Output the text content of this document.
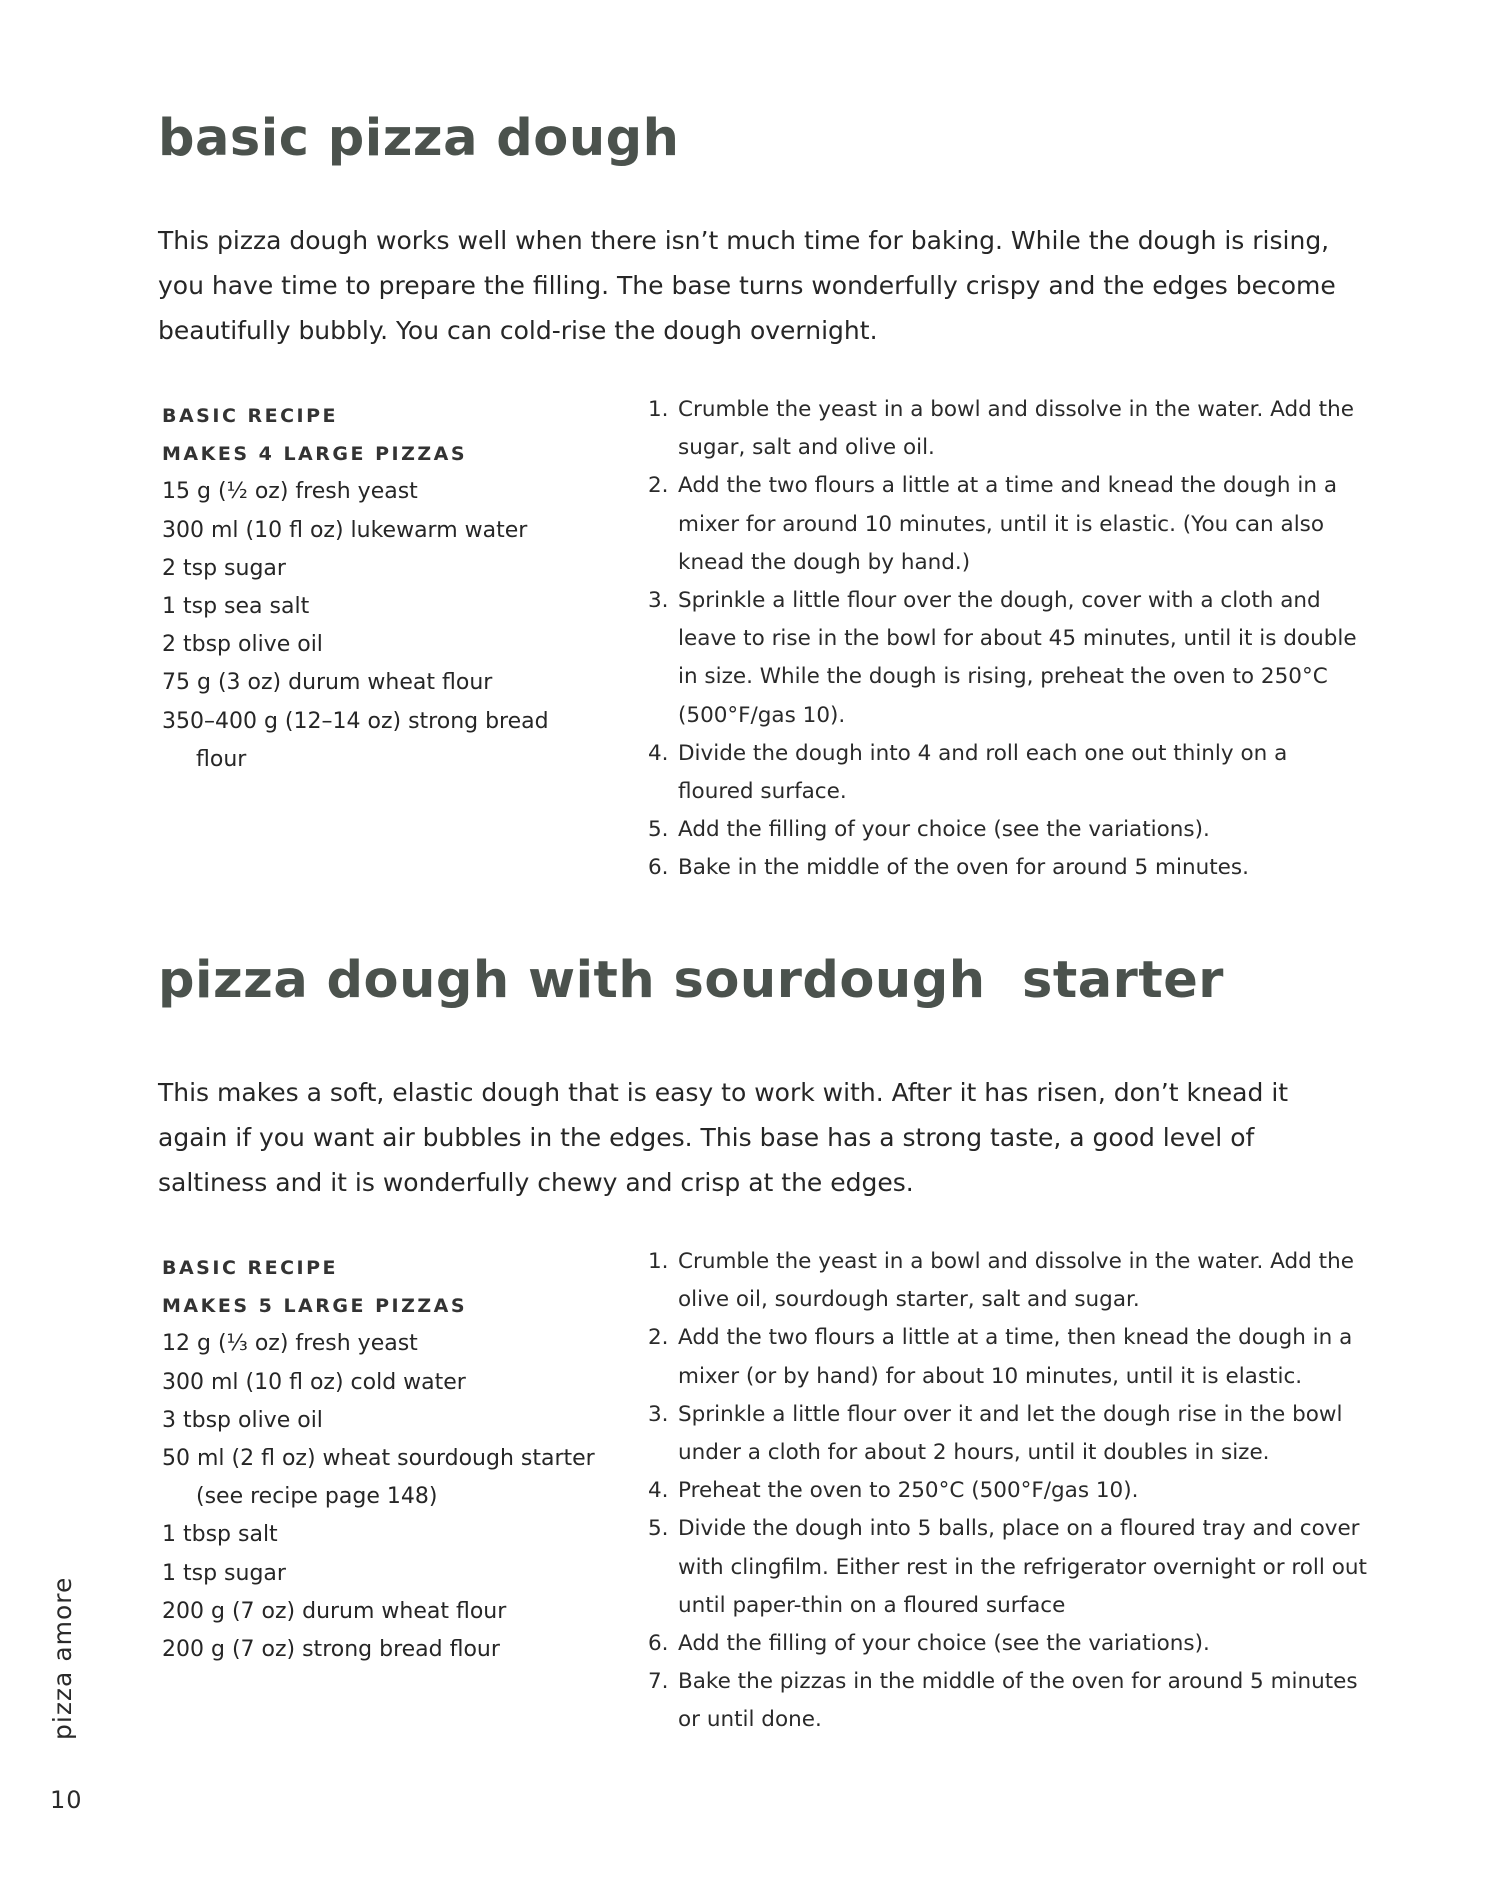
basic pizza dough

This pizza dough works well when there isn’t much time for baking. While the dough is rising, you have time to prepare the filling. The base turns wonderfully crispy and the edges become beautifully bubbly. You can cold-rise the dough overnight.

BASIC RECIPE
MAKES 4 LARGE PIZZAS
15 g (½ oz) fresh yeast
300 ml (10 fl oz) lukewarm water
2 tsp sugar
1 tsp sea salt
2 tbsp olive oil
75 g (3 oz) durum wheat flour
350–400 g (12–14 oz) strong bread flour
1. Crumble the yeast in a bowl and dissolve in the water. Add the sugar, salt and olive oil.
2. Add the two flours a little at a time and knead the dough in a mixer for around 10 minutes, until it is elastic. (You can also knead the dough by hand.)
3. Sprinkle a little flour over the dough, cover with a cloth and leave to rise in the bowl for about 45 minutes, until it is double in size. While the dough is rising, preheat the oven to 250°C (500°F/gas 10).
4. Divide the dough into 4 and roll each one out thinly on a floured surface.
5. Add the filling of your choice (see the variations).
6. Bake in the middle of the oven for around 5 minutes.
pizza dough with sourdough  starter

This makes a soft, elastic dough that is easy to work with. After it has risen, don’t knead it again if you want air bubbles in the edges. This base has a strong taste, a good level of saltiness and it is wonderfully chewy and crisp at the edges.

BASIC RECIPE
MAKES 5 LARGE PIZZAS
12 g (⅓ oz) fresh yeast
300 ml (10 fl oz) cold water
3 tbsp olive oil
50 ml (2 fl oz) wheat sourdough starter (see recipe page 148)
1 tbsp salt
1 tsp sugar
200 g (7 oz) durum wheat flour
200 g (7 oz) strong bread flour
1. Crumble the yeast in a bowl and dissolve in the water. Add the olive oil, sourdough starter, salt and sugar.
2. Add the two flours a little at a time, then knead the dough in a mixer (or by hand) for about 10 minutes, until it is elastic.
3. Sprinkle a little flour over it and let the dough rise in the bowl under a cloth for about 2 hours, until it doubles in size.
4. Preheat the oven to 250°C (500°F/gas 10).
5. Divide the dough into 5 balls, place on a floured tray and cover with clingfilm. Either rest in the refrigerator overnight or roll out until paper-thin on a floured surface
6. Add the filling of your choice (see the variations).
7. Bake the pizzas in the middle of the oven for around 5 minutes or until done.
pizza amore
10
